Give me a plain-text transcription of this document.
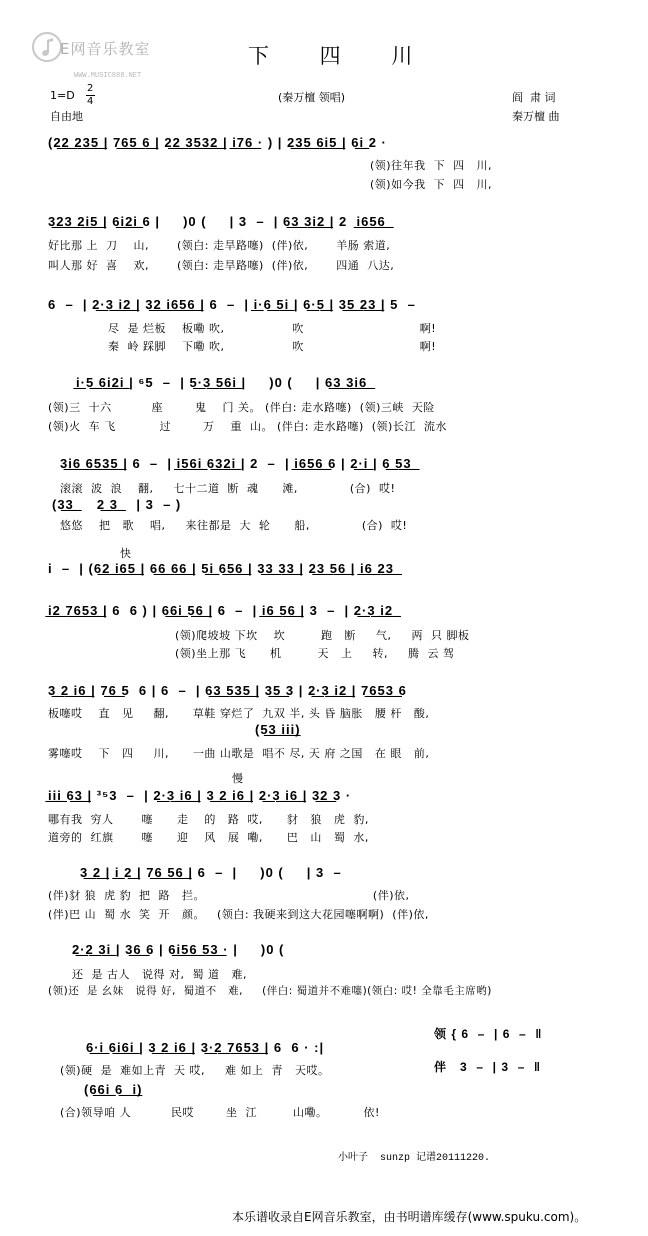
E网音乐教室
WWW.MUSIC888.NET
下 四 川
1=D
2
4
自由地
(秦万檀 领唱)	阎  肃 词
秦万檀 曲
(2͟2͟ 2͟3͟5͟ | 7͟6͟5͟ 6͟ | 2͟2͟ 3͟5͟3͟2͟ | i͟7͟6͟ · ) | 2͟3͟5͟ 6͟i͟5͟ | 6͟i͟ 2 ·
(领)往年我  下  四   川,
(领)如今我  下  四   川,
3͟2͟3͟ 2͟i͟5͟ | 6͟i͟2͟i͟ 6 |     )0 (     | 3  –  | 6͟3͟ 3͟i͟2͟ | 2  i͟6͟5͟6͟
好比那 上  刀    山,       (领白: 走旱路噻)  (伴)依,       羊肠 索道,
叫人那 好  喜    欢,       (领白: 走旱路噻)  (伴)依,       四通  八达,
6  –  | 2͟·3͟ i͟2͟ | 3͟2͟ i͟6͟5͟6͟ | 6  –  | i͟·6͟ 5͟i͟ | 6͟·5͟ | 3͟5͟ 2͟3͟ | 5  –
尽  是 烂板    板嘞 吹,                 吹                             啊!
秦  岭 踩脚    下嘞 吹,                 吹                             啊!
i͟·5͟ 6͟i͟2͟i͟ | ⁶5  –  | 5͟·3͟ 5͟6͟i͟ |     )0 (     | 6͟3͟ 3͟i͟6͟
(领)三  十六          座        鬼    门 关。 (伴白: 走水路噻)  (领)三峡  天险
(领)火  车 飞           过        万    重  山。 (伴白: 走水路噻)  (领)长江  流水
3͟i͟6͟ 6͟5͟3͟5͟ | 6  –  | i͟5͟6͟i͟ 6͟3͟2͟i͟ | 2  –  | i͟6͟5͟6͟ 6 | 2͟·i͟ | 6͟ 5͟3͟
滚滚  波  浪    翻,     七十二道  断  魂      滩,             (合)  哎!
(3͟3͟     2͟ 3͟    | 3  – )
悠悠    把   歌    唱,     来往都是  大  轮      船,             (合)  哎!
快
i  –  | (6͟2͟ i͟6͟5͟ | 6͟6͟ 6͟6͟ | 5͟i͟ 6͟5͟6͟ | 3͟3͟ 3͟3͟ | 2͟3͟ 5͟6͟ | i͟6͟ 2͟3͟
i͟2͟ 7͟6͟5͟3͟ | 6  6 ) | 6͟6͟i͟ 5͟6͟ | 6  –  | i͟6͟ 5͟6͟ | 3  –  | 2͟·3͟ i͟2͟
(领)爬坡坡 下坎    坎         跑   断     气,     两  只 脚板
(领)坐上那 飞      机         天   上     转,     腾  云 驾
3͟ 2͟ i͟6͟ | 7͟6͟ 5  6 | 6  –  | 6͟3͟ 5͟3͟5͟ | 3͟5͟ 3 | 2͟·3͟ i͟2͟ | 7͟6͟5͟3͟ 6
板噻哎    直   见     翻,      草鞋 穿烂了  九双 半, 头 昏 脑胀   腰 杆   酸,
(5͟3͟ i͟i͟i͟)
雾噻哎    下   四     川,      一曲 山歌是  唱不 尽, 天 府 之国   在 眼   前,
慢
i͟i͟i͟ 6͟3͟ | ³⁵3  –  | 2͟·3͟ i͟6͟ | 3͟ 2͟ i͟6͟ | 2͟·3͟ i͟6͟ | 3͟2͟ 3 ·
哪有我  穷人       噻      走    的   路  哎,      豺   狼   虎  豹,
道旁的  红旗       噻      迎    风   展  嘞,      巴   山   蜀  水,
3͟ 2͟ | i͟ 2͟ | 7͟6͟ 5͟6͟ | 6  –  |     )0 (     | 3  –
(伴)豺 狼  虎 豹  把  路   拦。                                          (伴)依,
(伴)巴 山  蜀 水  笑  开   颜。   (领白: 我硬来到这大花园噻啊啊)  (伴)依,
2͟·2͟ 3͟i͟ | 3͟6͟ 6 | 6͟i͟5͟6͟ 5͟3͟ · |     )0 (
还  是 古人   说得 对,  蜀 道   难,
(领)还  是 幺妹   说得 好,  蜀道不   难,     (伴白: 蜀道并不难噻)(领白: 哎! 全靠毛主席哟)
6͟·i͟ 6͟i͟6͟i͟ | 3͟ 2͟ i͟6͟ | 3͟·2͟ 7͟6͟5͟3͟ | 6  6 · :|
领 { 6  –  | 6  –  ‖
伴   3  –  | 3  –  ‖
(领)硬  是  难如上青  天 哎,     难 如上  青   天哎。
(6͟6͟i͟ 6͟  i͟)
(合)领导咱 人          民哎        坐  江         山嘞。         依!
小叶子  sunzp 记谱20111220.
本乐谱收录自E网音乐教室，由书明谱库缓存(www.spuku.com)。
